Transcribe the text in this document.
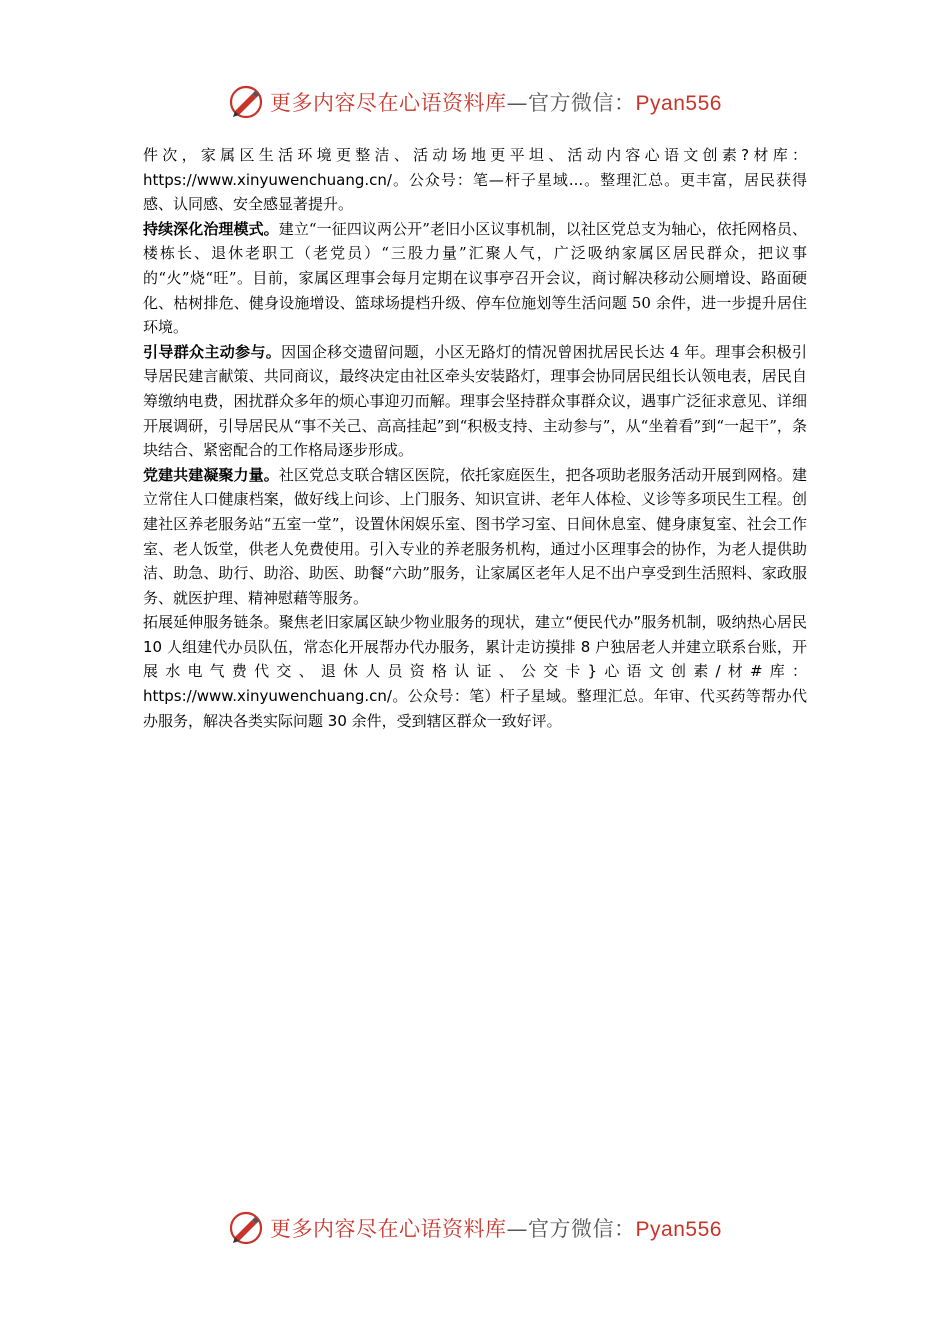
更多内容尽在心语资料库—官方微信：Pyan556

件次，家属区生活环境更整洁、活动场地更平坦、活动内容心语文创素?材库：https://www.xinyuwenchuang.cn/。公众号：笔—杆子星域...。整理汇总。更丰富，居民获得感、认同感、安全感显著提升。

持续深化治理模式。建立“一征四议两公开”老旧小区议事机制，以社区党总支为轴心，依托网格员、楼栋长、退休老职工（老党员）“三股力量”汇聚人气，广泛吸纳家属区居民群众，把议事的“火”烧“旺”。目前，家属区理事会每月定期在议事亭召开会议，商讨解决移动公厕增设、路面硬化、枯树排危、健身设施增设、篮球场提档升级、停车位施划等生活问题 50 余件，进一步提升居住环境。

引导群众主动参与。因国企移交遗留问题，小区无路灯的情况曾困扰居民长达 4 年。理事会积极引导居民建言献策、共同商议，最终决定由社区牵头安装路灯，理事会协同居民组长认领电表，居民自筹缴纳电费，困扰群众多年的烦心事迎刃而解。理事会坚持群众事群众议，遇事广泛征求意见、详细开展调研，引导居民从“事不关己、高高挂起”到“积极支持、主动参与”，从“坐着看”到“一起干”，条块结合、紧密配合的工作格局逐步形成。

党建共建凝聚力量。社区党总支联合辖区医院，依托家庭医生，把各项助老服务活动开展到网格。建立常住人口健康档案，做好线上问诊、上门服务、知识宣讲、老年人体检、义诊等多项民生工程。创建社区养老服务站“五室一堂”，设置休闲娱乐室、图书学习室、日间休息室、健身康复室、社会工作室、老人饭堂，供老人免费使用。引入专业的养老服务机构，通过小区理事会的协作，为老人提供助洁、助急、助行、助浴、助医、助餐“六助”服务，让家属区老年人足不出户享受到生活照料、家政服务、就医护理、精神慰藉等服务。

拓展延伸服务链条。聚焦老旧家属区缺少物业服务的现状，建立“便民代办”服务机制，吸纳热心居民 10 人组建代办员队伍，常态化开展帮办代办服务，累计走访摸排 8 户独居老人并建立联系台账，开展水电气费代交、退休人员资格认证、公交卡}心语文创素/材#库：https://www.xinyuwenchuang.cn/。公众号：笔）杆子星域。整理汇总。年审、代买药等帮办代办服务，解决各类实际问题 30 余件，受到辖区群众一致好评。

更多内容尽在心语资料库—官方微信：Pyan556
